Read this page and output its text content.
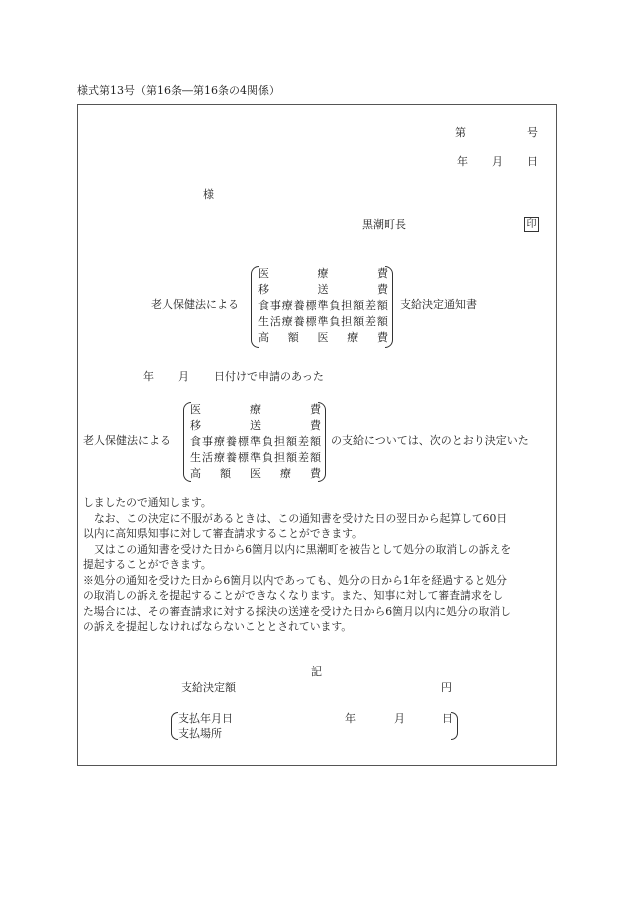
様式第13号（第16条―第16条の4関係）
第	号
年 月 日
様
黒潮町長	印
老人保健法による
医	療	費
移	送	費
食 事 療 養 標 準 負 担 額 差 額
生 活 療 養 標 準 負 担 額 差 額
高 額 医 療 費
支給決定通知書
年 月 日付けで申請のあった
老人保健法による
医	療	費
移	送	費
食 事 療 養 標 準 負 担 額 差 額
生 活 療 養 標 準 負 担 額 差 額
高 額 医 療 費
の支給については、次のとおり決定いた
しましたので通知します。
なお、この決定に不服があるときは、この通知書を受けた日の翌日から起算して60日
以内に高知県知事に対して審査請求することができます。
又はこの通知書を受けた日から6箇月以内に黒潮町を被告として処分の取消しの訴えを
提起することができます。
※処分の通知を受けた日から6箇月以内であっても、処分の日から1年を経過すると処分
の取消しの訴えを提起することができなくなります。また、知事に対して審査請求をし
た場合には、その審査請求に対する採決の送達を受けた日から6箇月以内に処分の取消し
の訴えを提起しなければならないこととされています。
記
支給決定額	円
支払年月日	年	月	日
支払場所
